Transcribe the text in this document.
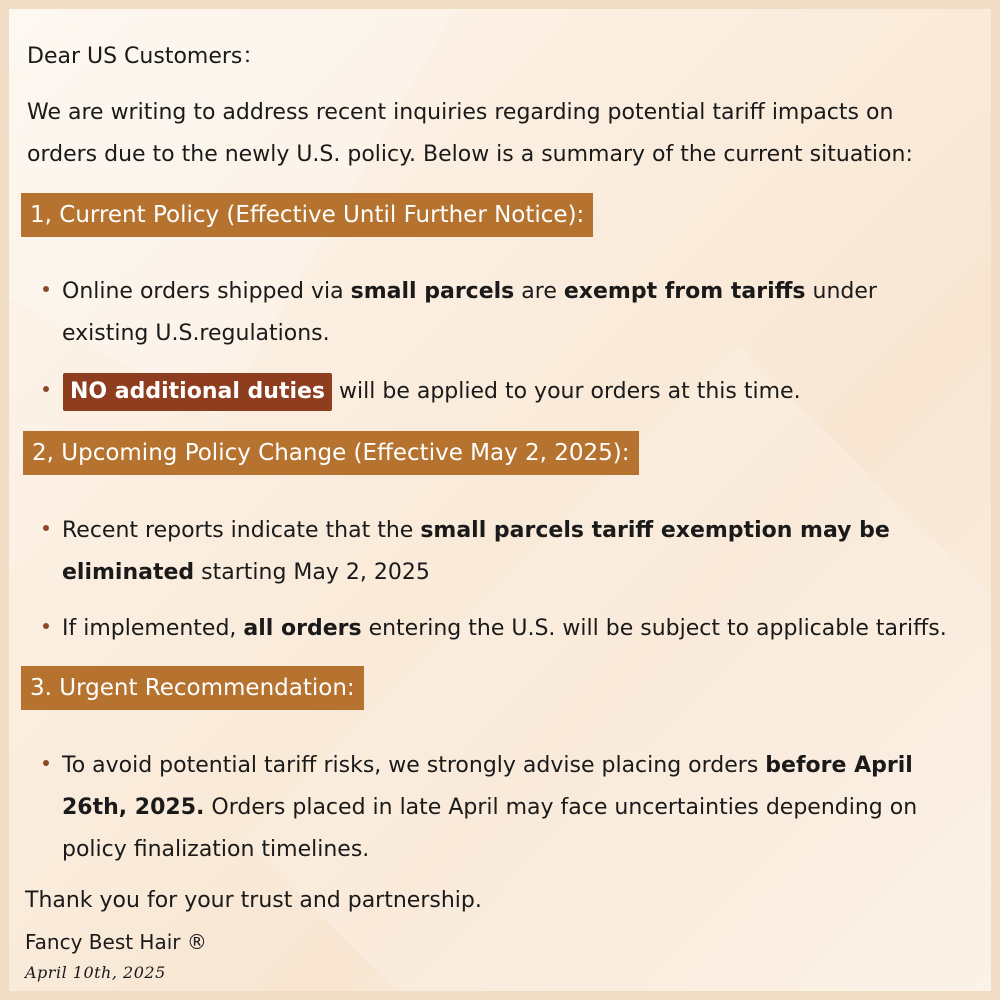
Dear US Customers：
We are writing to address recent inquiries regarding potential tariff impacts on
orders due to the newly U.S. policy. Below is a summary of the current situation:
1, Current Policy (Effective Until Further Notice):
Online orders shipped via small parcels are exempt from tariffs under
existing U.S.regulations.
NO additional duties will be applied to your orders at this time.
2, Upcoming Policy Change (Effective May 2, 2025):
Recent reports indicate that the small parcels tariff exemption may be
eliminated starting May 2, 2025
If implemented, all orders entering the U.S. will be subject to applicable tariffs.
3. Urgent Recommendation:
To avoid potential tariff risks, we strongly advise placing orders before April
26th, 2025. Orders placed in late April may face uncertainties depending on
policy finalization timelines.
Thank you for your trust and partnership.
Fancy Best Hair ®
April 10th, 2025
